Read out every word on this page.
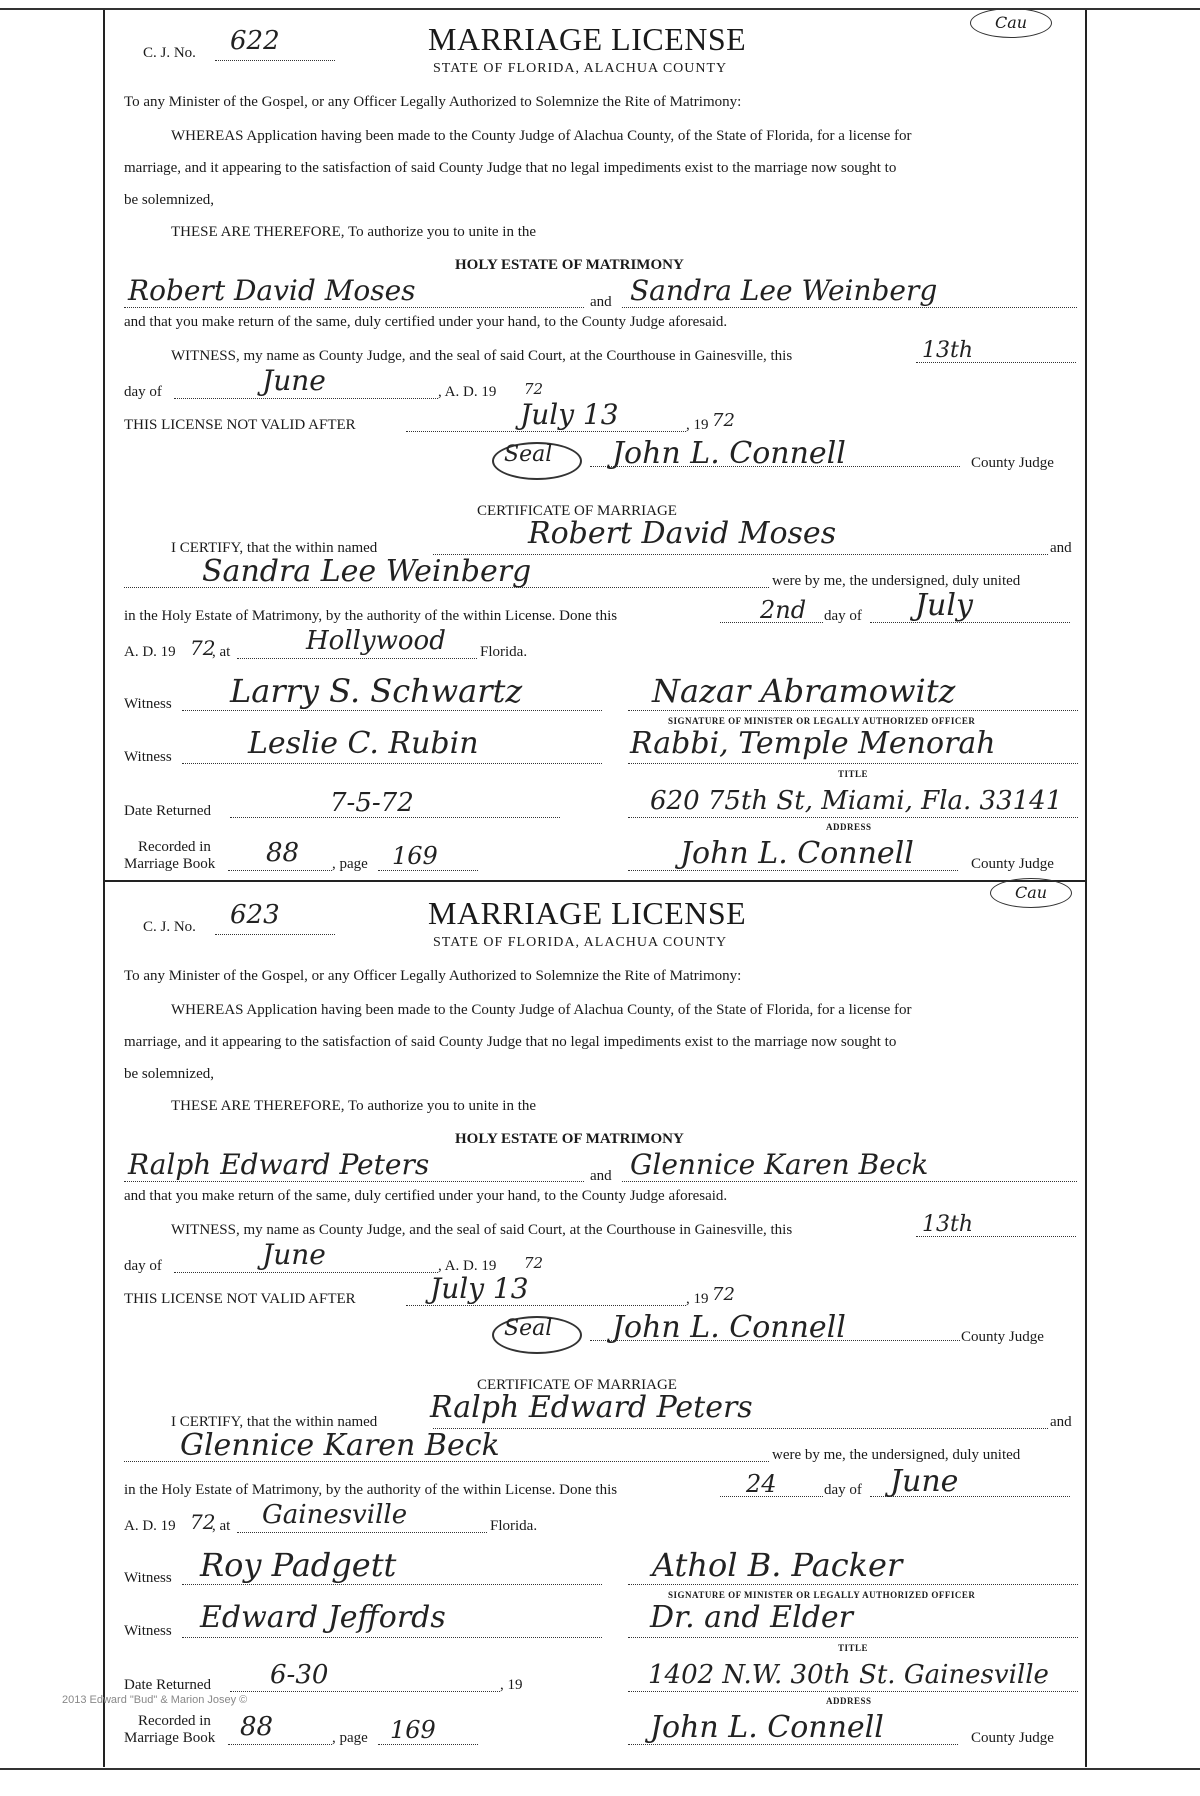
2013 Edward "Bud" & Marion Josey ©
C. J. No. 622	MARRIAGE LICENSE
STATE OF FLORIDA, ALACHUA COUNTY
Cau
To any Minister of the Gospel, or any Officer Legally Authorized to Solemnize the Rite of Matrimony:
WHEREAS Application having been made to the County Judge of Alachua County, of the State of Florida, for a license for
marriage, and it appearing to the satisfaction of said County Judge that no legal impediments exist to the marriage now sought to
be solemnized,
THESE ARE THEREFORE, To authorize you to unite in the
HOLY ESTATE OF MATRIMONY
Robert David Moses	and Sandra Lee Weinberg
and that you make return of the same, duly certified under your hand, to the County Judge aforesaid.
WITNESS, my name as County Judge, and the seal of said Court, at the Courthouse in Gainesville, this	13th
day of	June	, A. D. 19 72
THIS LICENSE NOT VALID AFTER	July 13	, 19 72
Seal John L. Connell	County Judge
CERTIFICATE OF MARRIAGE
I CERTIFY, that the within named	Robert David Moses	and
Sandra Lee Weinberg	were by me, the undersigned, duly united
in the Holy Estate of Matrimony, by the authority of the within License. Done this	2nd day of July
A. D. 19 72
, at	Hollywood Florida.
Witness Larry S. Schwartz	Nazar Abramowitz
SIGNATURE OF MINISTER OR LEGALLY AUTHORIZED OFFICER
Witness	Leslie C. Rubin	Rabbi, Temple Menorah
TITLE
Date Returned	7-5-72	620 75th St, Miami, Fla. 33141
ADDRESS
Recorded in
Marriage Book 88 , page 169	John L. Connell	County Judge
C. J. No. 623	MARRIAGE LICENSE
STATE OF FLORIDA, ALACHUA COUNTY
Cau
To any Minister of the Gospel, or any Officer Legally Authorized to Solemnize the Rite of Matrimony:
WHEREAS Application having been made to the County Judge of Alachua County, of the State of Florida, for a license for
marriage, and it appearing to the satisfaction of said County Judge that no legal impediments exist to the marriage now sought to
be solemnized,
THESE ARE THEREFORE, To authorize you to unite in the
HOLY ESTATE OF MATRIMONY
Ralph Edward Peters	and Glennice Karen Beck
and that you make return of the same, duly certified under your hand, to the County Judge aforesaid.
WITNESS, my name as County Judge, and the seal of said Court, at the Courthouse in Gainesville, this	13th
day of	June	, A. D. 19 72
THIS LICENSE NOT VALID AFTER	July 13	, 19 72
Seal John L. Connell	County Judge
CERTIFICATE OF MARRIAGE
I CERTIFY, that the within named Ralph Edward Peters	and
Glennice Karen Beck	were by me, the undersigned, duly united
in the Holy Estate of Matrimony, by the authority of the within License. Done this	24	day of June
A. D. 19 72
, at Gainesville	Florida.
Witness Roy Padgett	Athol B. Packer
SIGNATURE OF MINISTER OR LEGALLY AUTHORIZED OFFICER
Witness Edward Jeffords	Dr. and Elder
TITLE
Date Returned 6-30	, 19	1402 N.W. 30th St. Gainesville
ADDRESS
Recorded in
Marriage Book 88	, page 169	John L. Connell	County Judge
